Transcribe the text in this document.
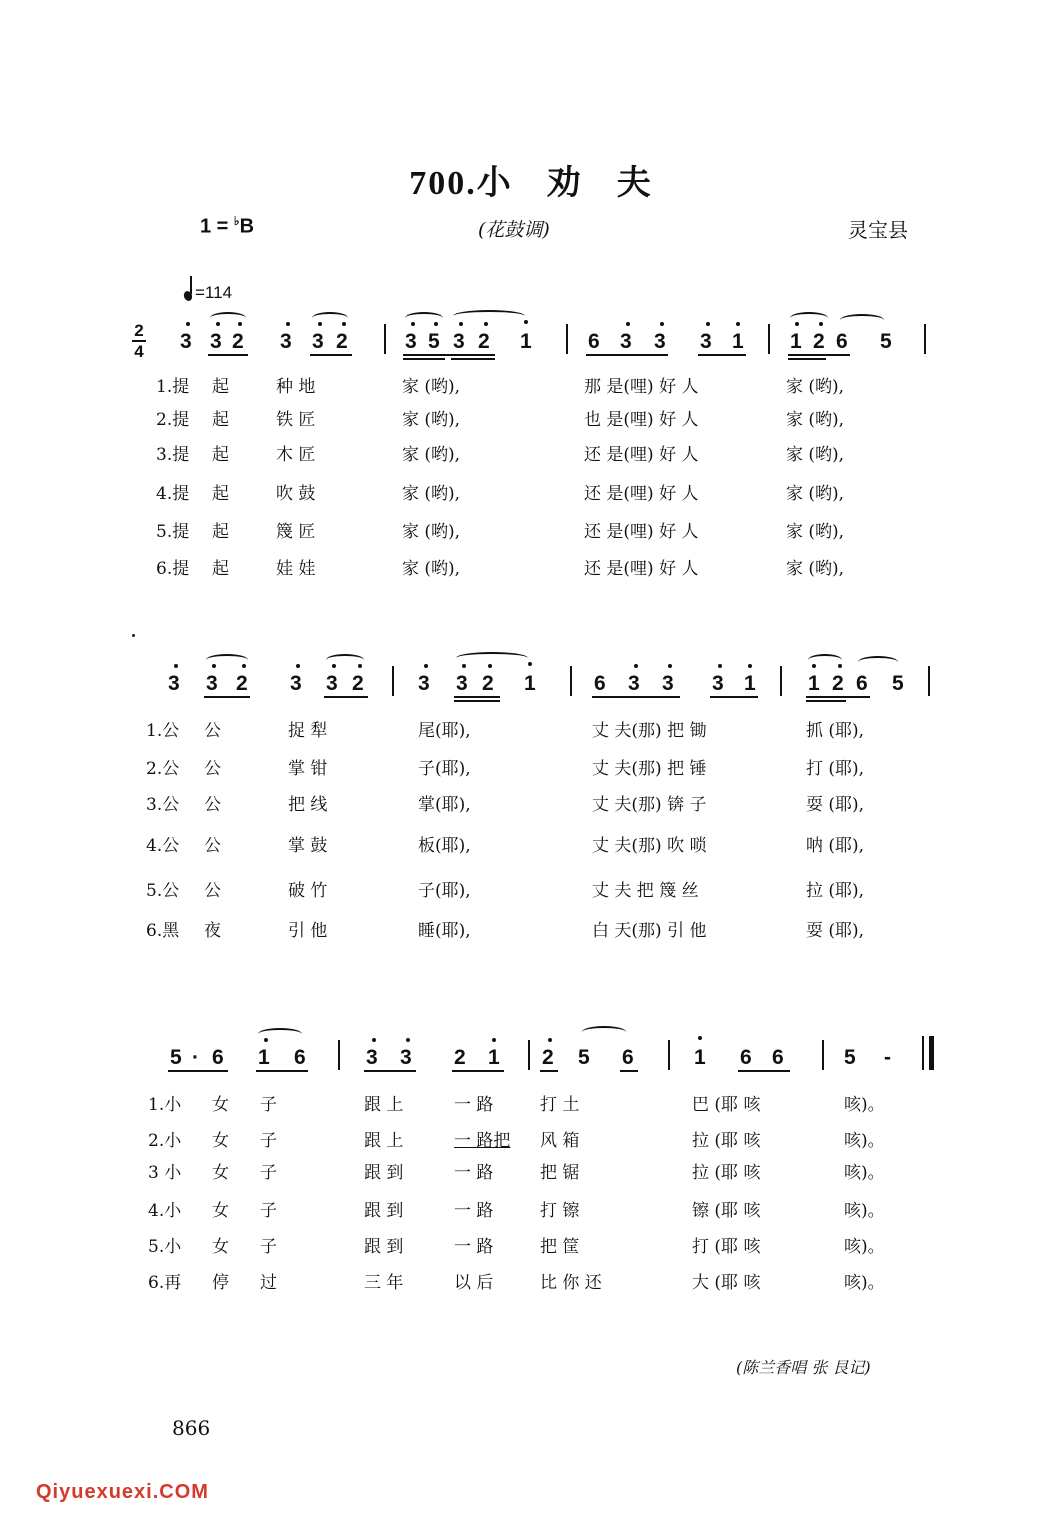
700.小 劝 夫
1 = ♭B	(花鼓调)	灵宝县
=114
2
4 3 3 2 3 3 2	3 5 3 2 1	6 3 3 3 1 1 2 6 5
1.提 起	种 地	家 (哟),	那 是(哩) 好 人	家 (哟),
2.提 起	铁 匠	家 (哟),	也 是(哩) 好 人	家 (哟),
3.提 起	木 匠	家 (哟),	还 是(哩) 好 人	家 (哟),
4.提 起	吹 鼓	家 (哟),	还 是(哩) 好 人	家 (哟),
5.提 起	篾 匠	家 (哟),	还 是(哩) 好 人	家 (哟),
6.提 起	娃 娃	家 (哟),	还 是(哩) 好 人	家 (哟),
3 3 2 3 3 2	3 3 2 1	6 3 3 3 1 1 2 6 5
1.公 公	捉 犁	尾(耶),	丈 夫(那) 把 锄	抓 (耶),
2.公 公	掌 钳	子(耶),	丈 夫(那) 把 锤	打 (耶),
3.公 公	把 线	掌(耶),	丈 夫(那) 锛 子	耍 (耶),
4.公 公	掌 鼓	板(耶),	丈 夫(那) 吹 唢	呐 (耶),
5.公 公	破 竹	子(耶),	丈 夫 把 篾 丝	拉 (耶),
6.黑 夜	引 他	睡(耶),	白 天(那) 引 他	耍 (耶),
5 · 6 1 6	3 3 2 1 2 5 6	1 6 6	5 -
1.小 女 子	跟 上	一 路	打 土	巴 (耶 咳	咳)。
2.小 女 子	跟 上	一 路把 风 箱	拉 (耶 咳	咳)。
3 小 女 子	跟 到	一 路	把 锯	拉 (耶 咳	咳)。
4.小 女 子	跟 到	一 路	打 镲	镲 (耶 咳	咳)。
5.小 女 子	跟 到	一 路	把 筐	打 (耶 咳	咳)。
6.再 停 过	三 年	以 后	比 你 还	大 (耶 咳	咳)。
(陈兰香唱 张 艮记)
866
Qiyuexuexi.COM
